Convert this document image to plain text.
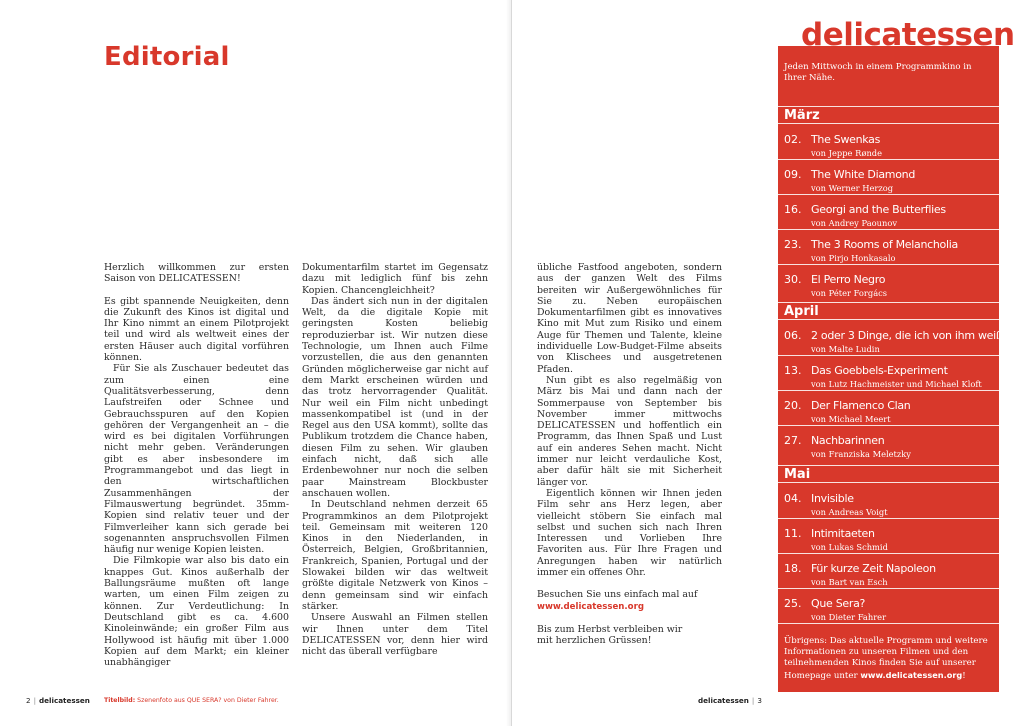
Editorial

Herzlich willkommen zur ersten Saison von DELICATESSEN!

Es gibt spannende Neuigkeiten, denn die Zukunft des Kinos ist digital und Ihr Kino nimmt an einem Pilotprojekt teil und wird als weltweit eines der ersten Häuser auch digital vorführen können.

Für Sie als Zuschauer bedeutet das zum einen eine Qualitätsverbesserung, denn Laufstreifen oder Schnee und Gebrauchsspuren auf den Kopien gehören der Vergangenheit an – die wird es bei digitalen Vorführungen nicht mehr geben. Veränderungen gibt es aber insbesondere im Programmangebot und das liegt in den wirtschaftlichen Zusammenhängen der Filmauswertung begründet. 35mm-Kopien sind relativ teuer und der Filmverleiher kann sich gerade bei sogenannten anspruchsvollen Filmen häufig nur wenige Kopien leisten.

Die Filmkopie war also bis dato ein knappes Gut. Kinos außerhalb der Ballungsräume mußten oft lange warten, um einen Film zeigen zu können. Zur Verdeutlichung: In Deutschland gibt es ca. 4.600 Kinoleinwände; ein großer Film aus Hollywood ist häufig mit über 1.000 Kopien auf dem Markt; ein kleiner unabhängiger

Dokumentarfilm startet im Gegensatz dazu mit lediglich fünf bis zehn Kopien. Chancengleichheit?

Das ändert sich nun in der digitalen Welt, da die digitale Kopie mit geringsten Kosten beliebig reproduzierbar ist. Wir nutzen diese Technologie, um Ihnen auch Filme vorzustellen, die aus den genannten Gründen möglicherweise gar nicht auf dem Markt erscheinen würden und das trotz hervorragender Qualität. Nur weil ein Film nicht unbedingt massenkompatibel ist (und in der Regel aus den USA kommt), sollte das Publikum trotzdem die Chance haben, diesen Film zu sehen. Wir glauben einfach nicht, daß sich alle Erdenbewohner nur noch die selben paar Mainstream Blockbuster anschauen wollen.

In Deutschland nehmen derzeit 65 Programmkinos an dem Pilotprojekt teil. Gemeinsam mit weiteren 120 Kinos in den Niederlanden, in Österreich, Belgien, Großbritannien, Frankreich, Spanien, Portugal und der Slowakei bilden wir das weltweit größte digitale Netzwerk von Kinos – denn gemeinsam sind wir einfach stärker.

Unsere Auswahl an Filmen stellen wir Ihnen unter dem Titel DELICATESSEN vor, denn hier wird nicht das überall verfügbare

übliche Fastfood angeboten, sondern aus der ganzen Welt des Films bereiten wir Außergewöhnliches für Sie zu. Neben europäischen Dokumentarfilmen gibt es innovatives Kino mit Mut zum Risiko und einem Auge für Themen und Talente, kleine individuelle Low-Budget-Filme abseits von Klischees und ausgetretenen Pfaden.

Nun gibt es also regelmäßig von März bis Mai und dann nach der Sommerpause von September bis November immer mittwochs DELICATESSEN und hoffentlich ein Programm, das Ihnen Spaß und Lust auf ein anderes Sehen macht. Nicht immer nur leicht verdauliche Kost, aber dafür hält sie mit Sicherheit länger vor.

Eigentlich können wir Ihnen jeden Film sehr ans Herz legen, aber vielleicht stöbern Sie einfach mal selbst und suchen sich nach Ihren Interessen und Vorlieben Ihre Favoriten aus. Für Ihre Fragen und Anregungen haben wir natürlich immer ein offenes Ohr.

Besuchen Sie uns einfach mal auf

www.delicatessen.org

Bis zum Herbst verbleiben wir

mit herzlichen Grüssen!

2 | delicatessen Titelbild: Szenenfoto aus QUE SERA? von Dieter Fahrer.

Jeden Mittwoch in einem Programmkino in Ihrer Nähe.

März
02. The Swenkas
von Jeppe Rønde
09. The White Diamond
von Werner Herzog
16. Georgi and the Butterflies
von Andrey Paounov
23. The 3 Rooms of Melancholia
von Pirjo Honkasalo
30. El Perro Negro
von Péter Forgács
April
06. 2 oder 3 Dinge, die ich von ihm weiß
von Malte Ludin
13. Das Goebbels-Experiment
von Lutz Hachmeister und Michael Kloft
20. Der Flamenco Clan
von Michael Meert
27. Nachbarinnen
von Franziska Meletzky
Mai
04. Invisible
von Andreas Voigt
11. Intimitaeten
von Lukas Schmid
18. Für kurze Zeit Napoleon
von Bart van Esch
25. Que Sera?
von Dieter Fahrer

Übrigens: Das aktuelle Programm und weitere Informationen zu unseren Filmen und den teilnehmenden Kinos finden Sie auf unserer Homepage unter www.delicatessen.org!

delicatessen
delicatessen | 3
